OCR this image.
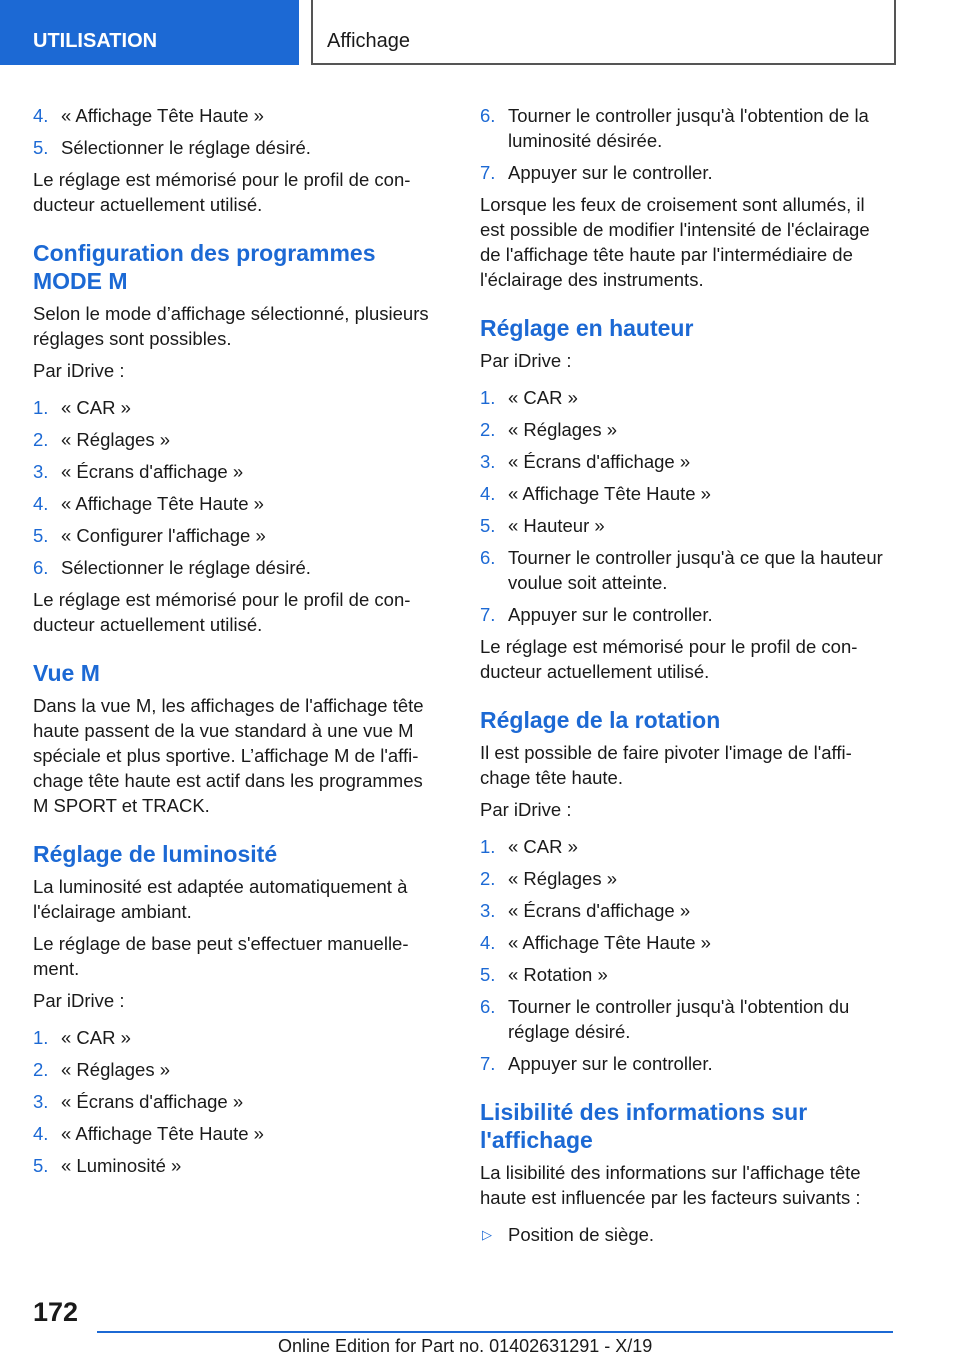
UTILISATION	Affichage
4. « Affichage Tête Haute »
5. Sélectionner le réglage désiré.

Le réglage est mémorisé pour le profil de conducteur actuellement utilisé.

Configuration des programmes MODE M

Selon le mode d’affichage sélectionné, plusieurs réglages sont possibles.

Par iDrive :

1. « CAR »
2. « Réglages »
3. « Écrans d'affichage »
4. « Affichage Tête Haute »
5. « Configurer l'affichage »
6. Sélectionner le réglage désiré.

Le réglage est mémorisé pour le profil de conducteur actuellement utilisé.

Vue M

Dans la vue M, les affichages de l'affichage tête haute passent de la vue standard à une vue M spéciale et plus sportive. L’affichage M de l'affichage tête haute est actif dans les programmes M SPORT et TRACK.

Réglage de luminosité

La luminosité est adaptée automatiquement à l'éclairage ambiant.

Le réglage de base peut s'effectuer manuellement.

Par iDrive :

1. « CAR »
2. « Réglages »
3. « Écrans d'affichage »
4. « Affichage Tête Haute »
5. « Luminosité »
6. Tourner le controller jusqu'à l'obtention de la luminosité désirée.
7. Appuyer sur le controller.

Lorsque les feux de croisement sont allumés, il est possible de modifier l'intensité de l'éclairage de l'affichage tête haute par l'intermédiaire de l'éclairage des instruments.

Réglage en hauteur

Par iDrive :

1. « CAR »
2. « Réglages »
3. « Écrans d'affichage »
4. « Affichage Tête Haute »
5. « Hauteur »
6. Tourner le controller jusqu'à ce que la hauteur voulue soit atteinte.
7. Appuyer sur le controller.

Le réglage est mémorisé pour le profil de conducteur actuellement utilisé.

Réglage de la rotation

Il est possible de faire pivoter l'image de l'affichage tête haute.

Par iDrive :

1. « CAR »
2. « Réglages »
3. « Écrans d'affichage »
4. « Affichage Tête Haute »
5. « Rotation »
6. Tourner le controller jusqu'à l'obtention du réglage désiré.
7. Appuyer sur le controller.
Lisibilité des informations sur l'affichage

La lisibilité des informations sur l'affichage tête haute est influencée par les facteurs suivants :

▷ Position de siège.
172
Online Edition for Part no. 01402631291 - X/19
